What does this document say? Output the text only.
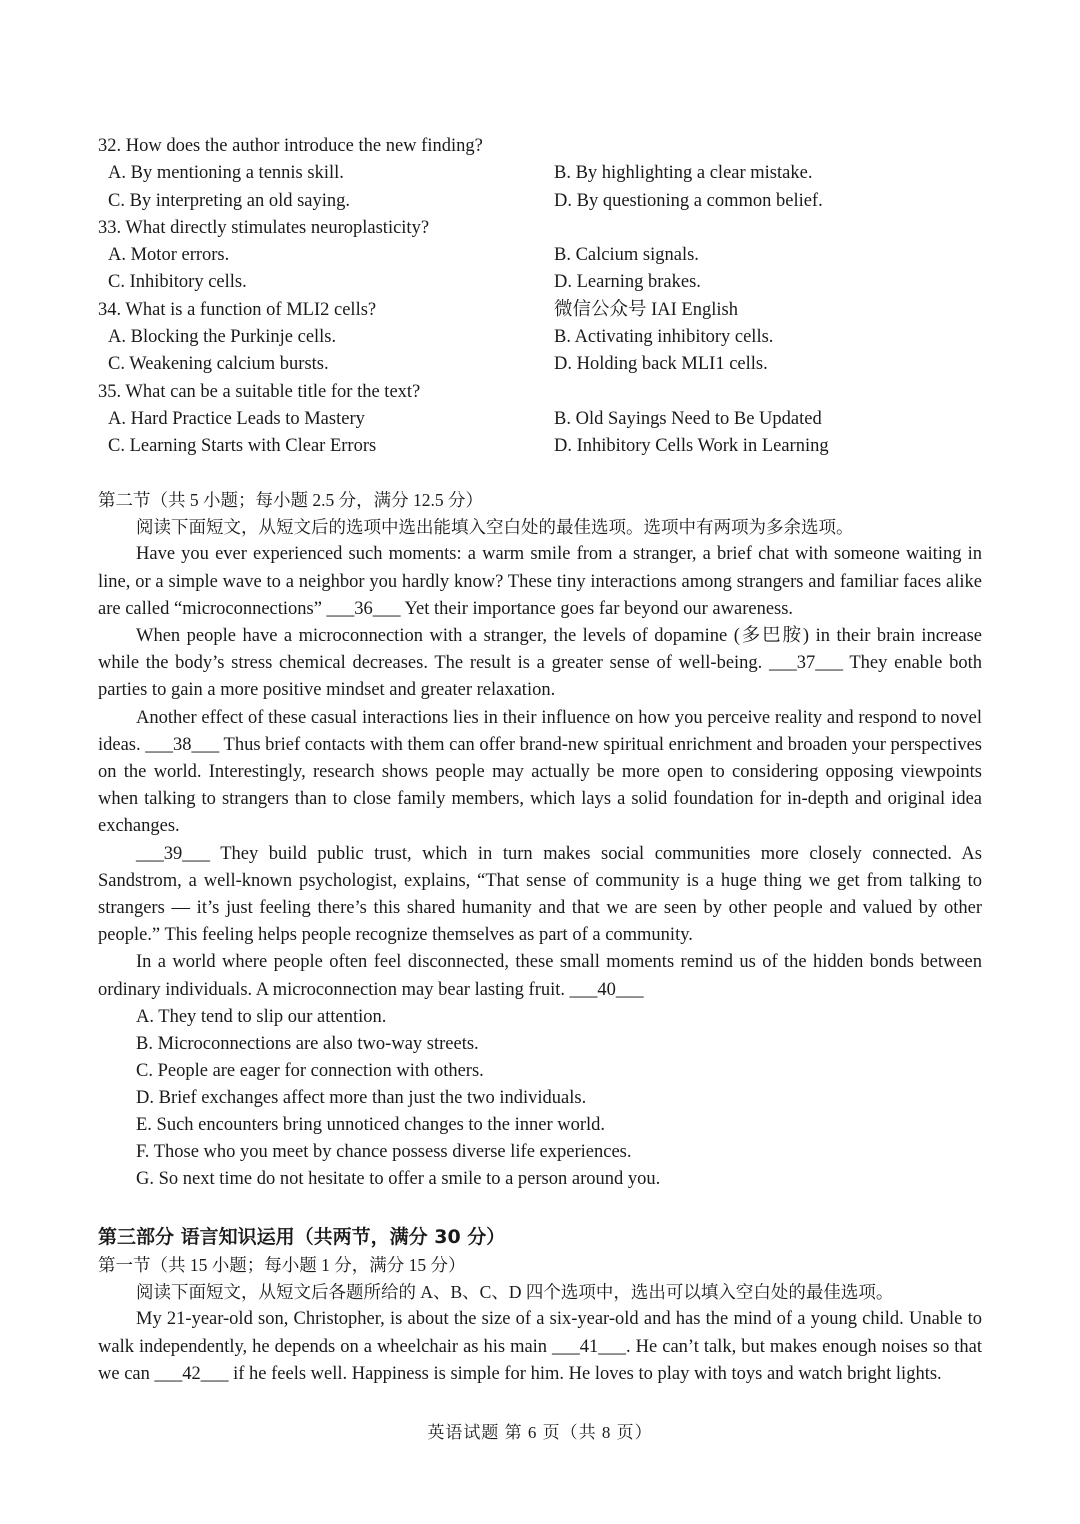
32. How does the author introduce the new finding?
A. By mentioning a tennis skill.	B. By highlighting a clear mistake.
C. By interpreting an old saying.	D. By questioning a common belief.
33. What directly stimulates neuroplasticity?
A. Motor errors.	B. Calcium signals.
C. Inhibitory cells.	D. Learning brakes.
34. What is a function of MLI2 cells?	微信公众号 IAI English
A. Blocking the Purkinje cells.	B. Activating inhibitory cells.
C. Weakening calcium bursts.	D. Holding back MLI1 cells.
35. What can be a suitable title for the text?
A. Hard Practice Leads to Mastery	B. Old Sayings Need to Be Updated
C. Learning Starts with Clear Errors	D. Inhibitory Cells Work in Learning
第二节（共 5 小题；每小题 2.5 分，满分 12.5 分）

阅读下面短文，从短文后的选项中选出能填入空白处的最佳选项。选项中有两项为多余选项。

Have you ever experienced such moments: a warm smile from a stranger, a brief chat with someone waiting in line, or a simple wave to a neighbor you hardly know? These tiny interactions among strangers and familiar faces alike are called “microconnections” ___36___ Yet their importance goes far beyond our awareness.

When people have a microconnection with a stranger, the levels of dopamine (多巴胺) in their brain increase while the body’s stress chemical decreases. The result is a greater sense of well-being. ___37___ They enable both parties to gain a more positive mindset and greater relaxation.

Another effect of these casual interactions lies in their influence on how you perceive reality and respond to novel ideas. ___38___ Thus brief contacts with them can offer brand-new spiritual enrichment and broaden your perspectives on the world. Interestingly, research shows people may actually be more open to considering opposing viewpoints when talking to strangers than to close family members, which lays a solid foundation for in-depth and original idea exchanges.

___39___ They build public trust, which in turn makes social communities more closely connected. As Sandstrom, a well-known psychologist, explains, “That sense of community is a huge thing we get from talking to strangers — it’s just feeling there’s this shared humanity and that we are seen by other people and valued by other people.” This feeling helps people recognize themselves as part of a community.

In a world where people often feel disconnected, these small moments remind us of the hidden bonds between ordinary individuals. A microconnection may bear lasting fruit. ___40___

A. They tend to slip our attention.
B. Microconnections are also two-way streets.
C. People are eager for connection with others.
D. Brief exchanges affect more than just the two individuals.
E. Such encounters bring unnoticed changes to the inner world.
F. Those who you meet by chance possess diverse life experiences.
G. So next time do not hesitate to offer a smile to a person around you.
第三部分 语言知识运用（共两节，满分 30 分）
第一节（共 15 小题；每小题 1 分，满分 15 分）

阅读下面短文，从短文后各题所给的 A、B、C、D 四个选项中，选出可以填入空白处的最佳选项。

My 21-year-old son, Christopher, is about the size of a six-year-old and has the mind of a young child. Unable to walk independently, he depends on a wheelchair as his main ___41___. He can’t talk, but makes enough noises so that we can ___42___ if he feels well. Happiness is simple for him. He loves to play with toys and watch bright lights.

英语试题 第 6 页（共 8 页）
